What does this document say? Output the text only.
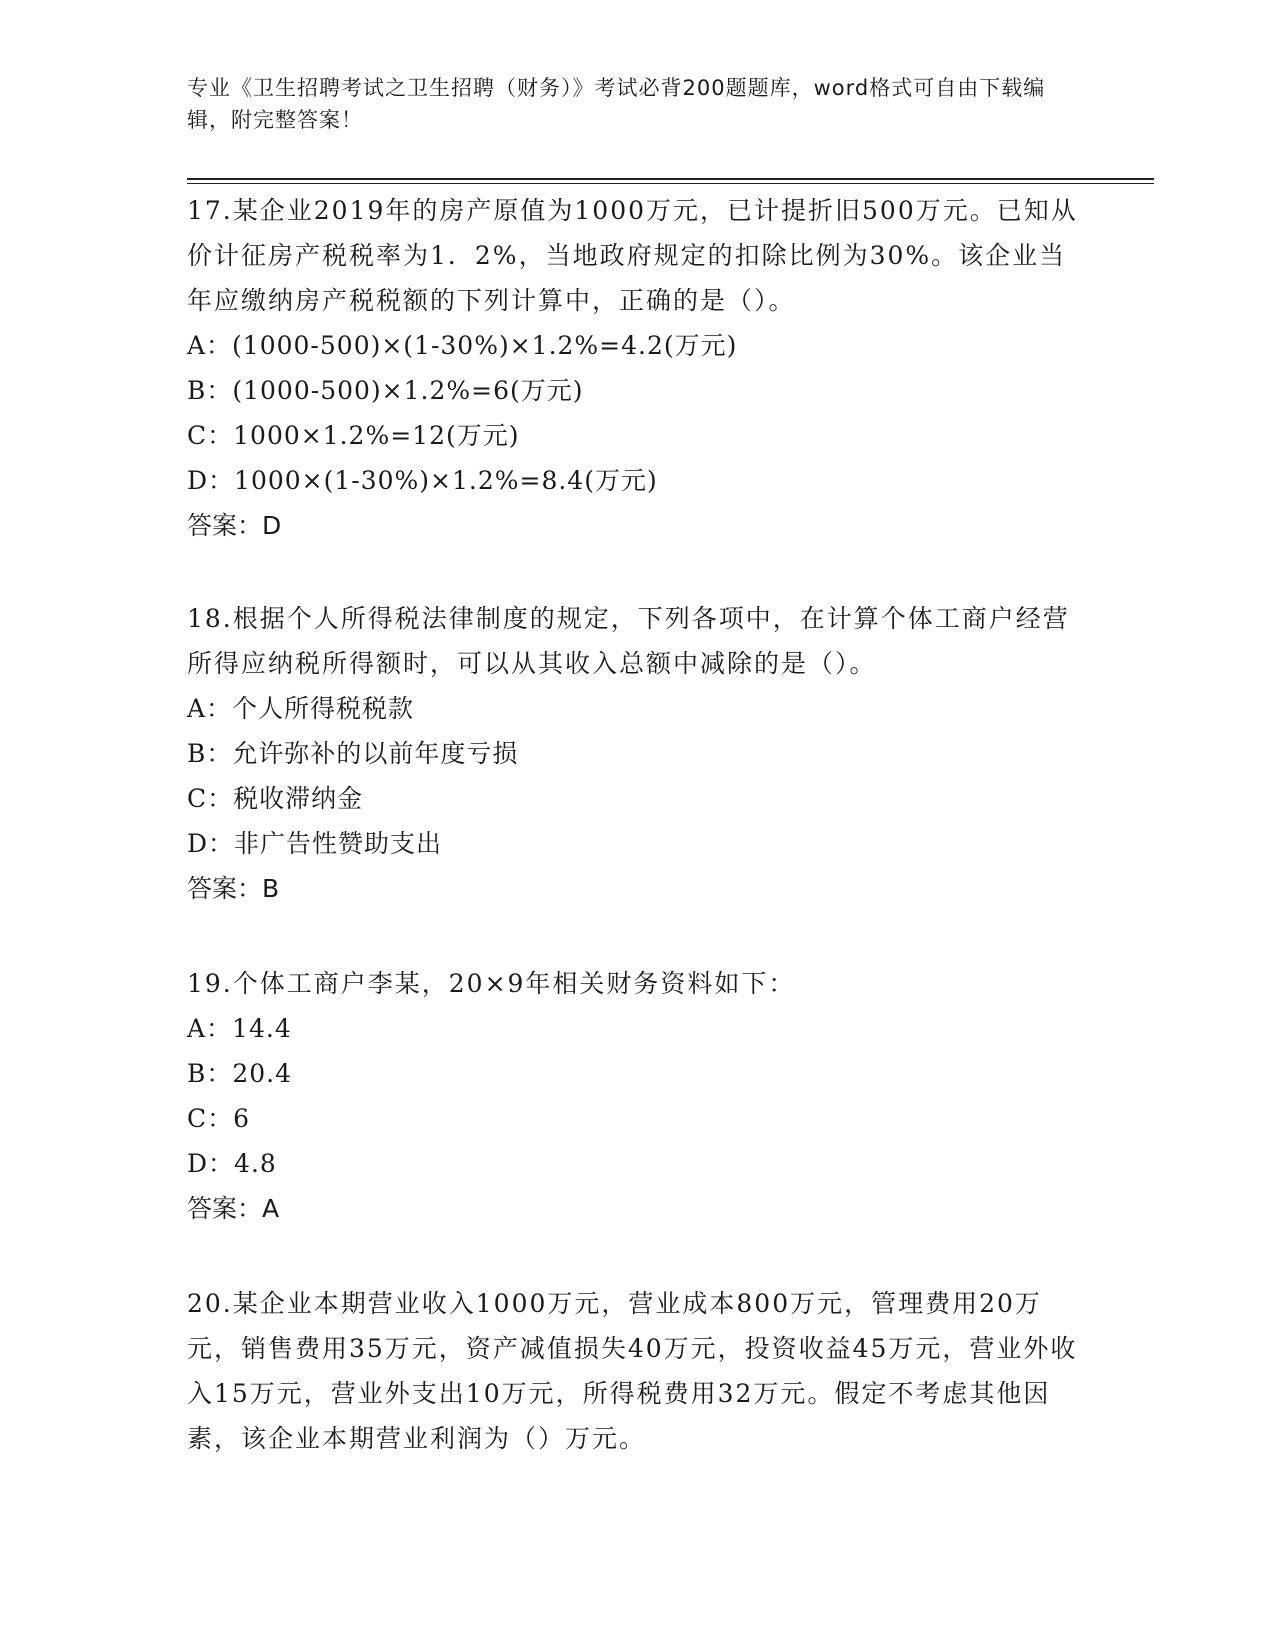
专业《卫生招聘考试之卫生招聘（财务）》考试必背200题题库，word格式可自由下载编辑，附完整答案！

17.某企业2019年的房产原值为1000万元，已计提折旧500万元。已知从价计征房产税税率为1．2%，当地政府规定的扣除比例为30%。该企业当年应缴纳房产税税额的下列计算中，正确的是（）。

A：(1000-500)×(1-30%)×1.2%=4.2(万元)

B：(1000-500)×1.2%=6(万元)

C：1000×1.2%=12(万元)

D：1000×(1-30%)×1.2%=8.4(万元)

答案：D

18.根据个人所得税法律制度的规定，下列各项中，在计算个体工商户经营所得应纳税所得额时，可以从其收入总额中减除的是（）。

A：个人所得税税款

B：允许弥补的以前年度亏损

C：税收滞纳金

D：非广告性赞助支出

答案：B

19.个体工商户李某，20×9年相关财务资料如下：

A：14.4

B：20.4

C：6

D：4.8

答案：A

20.某企业本期营业收入1000万元，营业成本800万元，管理费用20万元，销售费用35万元，资产减值损失40万元，投资收益45万元，营业外收入15万元，营业外支出10万元，所得税费用32万元。假定不考虑其他因素，该企业本期营业利润为（）万元。
